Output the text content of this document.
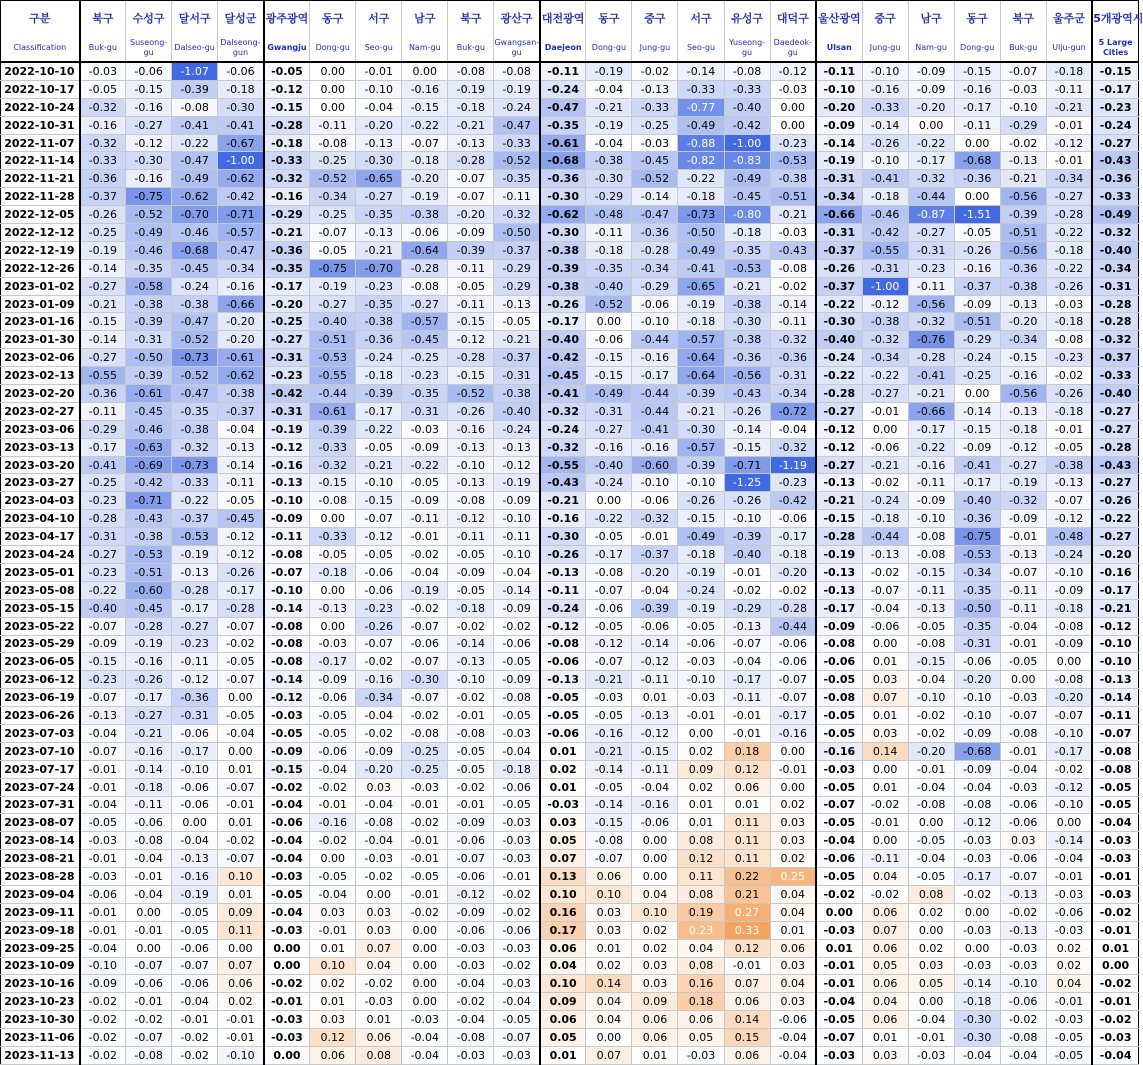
구분	북구	수성구	달서구	달성군	광주광역	동구	서구	남구	북구	광산구	대전광역	동구	중구	서구	유성구	대덕구	울산광역	중구	남구	동구	북구	울주군	5개광역시
Classification	Buk-gu	Suseong-gu	Dalseo-gu	Dalseong-gun	Gwangju	Dong-gu	Seo-gu	Nam-gu	Buk-gu	Gwangsan-gu	Daejeon	Dong-gu	Jung-gu	Seo-gu	Yuseong-gu	Daedeok-gu	Ulsan	Jung-gu	Nam-gu	Dong-gu	Buk-gu	Ulju-gun	5 Large Cities
2022-10-10	-0.03	-0.06	-1.07	-0.06	-0.05	0.00	-0.01	0.00	-0.08	-0.08	-0.11	-0.19	-0.02	-0.14	-0.08	-0.12	-0.11	-0.10	-0.09	-0.15	-0.07	-0.18	-0.15
2022-10-17	-0.05	-0.15	-0.39	-0.18	-0.12	0.00	-0.10	-0.16	-0.19	-0.19	-0.24	-0.04	-0.13	-0.33	-0.33	-0.03	-0.10	-0.16	-0.09	-0.16	-0.03	-0.11	-0.17
2022-10-24	-0.32	-0.16	-0.08	-0.30	-0.15	0.00	-0.04	-0.15	-0.18	-0.24	-0.47	-0.21	-0.33	-0.77	-0.40	0.00	-0.20	-0.33	-0.20	-0.17	-0.10	-0.21	-0.23
2022-10-31	-0.16	-0.27	-0.41	-0.41	-0.28	-0.11	-0.20	-0.22	-0.21	-0.47	-0.35	-0.19	-0.25	-0.49	-0.42	0.00	-0.09	-0.14	0.00	-0.11	-0.29	-0.01	-0.24
2022-11-07	-0.32	-0.12	-0.22	-0.67	-0.18	-0.08	-0.13	-0.07	-0.13	-0.33	-0.61	-0.04	-0.03	-0.88	-1.00	-0.23	-0.14	-0.26	-0.22	0.00	-0.02	-0.12	-0.27
2022-11-14	-0.33	-0.30	-0.47	-1.00	-0.33	-0.25	-0.30	-0.18	-0.28	-0.52	-0.68	-0.38	-0.45	-0.82	-0.83	-0.53	-0.19	-0.10	-0.17	-0.68	-0.13	-0.01	-0.43
2022-11-21	-0.36	-0.16	-0.49	-0.62	-0.32	-0.52	-0.65	-0.20	-0.07	-0.35	-0.36	-0.30	-0.52	-0.22	-0.49	-0.38	-0.31	-0.41	-0.32	-0.36	-0.21	-0.34	-0.36
2022-11-28	-0.37	-0.75	-0.62	-0.42	-0.16	-0.34	-0.27	-0.19	-0.07	-0.11	-0.30	-0.29	-0.14	-0.18	-0.45	-0.51	-0.34	-0.18	-0.44	0.00	-0.56	-0.27	-0.33
2022-12-05	-0.26	-0.52	-0.70	-0.71	-0.29	-0.25	-0.35	-0.38	-0.20	-0.32	-0.62	-0.48	-0.47	-0.73	-0.80	-0.21	-0.66	-0.46	-0.87	-1.51	-0.39	-0.28	-0.49
2022-12-12	-0.25	-0.49	-0.46	-0.57	-0.21	-0.07	-0.13	-0.06	-0.09	-0.50	-0.30	-0.11	-0.36	-0.50	-0.18	-0.03	-0.31	-0.42	-0.27	-0.05	-0.51	-0.22	-0.32
2022-12-19	-0.19	-0.46	-0.68	-0.47	-0.36	-0.05	-0.21	-0.64	-0.39	-0.37	-0.38	-0.18	-0.28	-0.49	-0.35	-0.43	-0.37	-0.55	-0.31	-0.26	-0.56	-0.18	-0.40
2022-12-26	-0.14	-0.35	-0.45	-0.34	-0.35	-0.75	-0.70	-0.28	-0.11	-0.29	-0.39	-0.35	-0.34	-0.41	-0.53	-0.08	-0.26	-0.31	-0.23	-0.16	-0.36	-0.22	-0.34
2023-01-02	-0.27	-0.58	-0.24	-0.16	-0.17	-0.19	-0.23	-0.08	-0.05	-0.29	-0.38	-0.40	-0.29	-0.65	-0.21	-0.02	-0.37	-1.00	-0.11	-0.37	-0.38	-0.26	-0.31
2023-01-09	-0.21	-0.38	-0.38	-0.66	-0.20	-0.27	-0.35	-0.27	-0.11	-0.13	-0.26	-0.52	-0.06	-0.19	-0.38	-0.14	-0.22	-0.12	-0.56	-0.09	-0.13	-0.03	-0.28
2023-01-16	-0.15	-0.39	-0.47	-0.20	-0.25	-0.40	-0.38	-0.57	-0.15	-0.05	-0.17	0.00	-0.10	-0.18	-0.30	-0.11	-0.30	-0.38	-0.32	-0.51	-0.20	-0.18	-0.28
2023-01-30	-0.14	-0.31	-0.52	-0.20	-0.27	-0.51	-0.36	-0.45	-0.12	-0.21	-0.40	-0.06	-0.44	-0.57	-0.38	-0.32	-0.40	-0.32	-0.76	-0.29	-0.34	-0.08	-0.32
2023-02-06	-0.27	-0.50	-0.73	-0.61	-0.31	-0.53	-0.24	-0.25	-0.28	-0.37	-0.42	-0.15	-0.16	-0.64	-0.36	-0.36	-0.24	-0.34	-0.28	-0.24	-0.15	-0.23	-0.37
2023-02-13	-0.55	-0.39	-0.52	-0.62	-0.23	-0.55	-0.18	-0.23	-0.15	-0.31	-0.45	-0.15	-0.17	-0.64	-0.56	-0.31	-0.22	-0.22	-0.41	-0.25	-0.16	-0.02	-0.33
2023-02-20	-0.36	-0.61	-0.47	-0.38	-0.42	-0.44	-0.39	-0.35	-0.52	-0.38	-0.41	-0.49	-0.44	-0.39	-0.43	-0.34	-0.28	-0.27	-0.21	0.00	-0.56	-0.26	-0.40
2023-02-27	-0.11	-0.45	-0.35	-0.37	-0.31	-0.61	-0.17	-0.31	-0.26	-0.40	-0.32	-0.31	-0.44	-0.21	-0.26	-0.72	-0.27	-0.01	-0.66	-0.14	-0.13	-0.18	-0.27
2023-03-06	-0.29	-0.46	-0.38	-0.04	-0.19	-0.39	-0.22	-0.03	-0.16	-0.24	-0.24	-0.27	-0.41	-0.30	-0.14	-0.04	-0.12	0.00	-0.17	-0.15	-0.18	-0.01	-0.27
2023-03-13	-0.17	-0.63	-0.32	-0.13	-0.12	-0.33	-0.05	-0.09	-0.13	-0.13	-0.32	-0.16	-0.16	-0.57	-0.15	-0.32	-0.12	-0.06	-0.22	-0.09	-0.12	-0.05	-0.28
2023-03-20	-0.41	-0.69	-0.73	-0.14	-0.16	-0.32	-0.21	-0.22	-0.10	-0.12	-0.55	-0.40	-0.60	-0.39	-0.71	-1.19	-0.27	-0.21	-0.16	-0.41	-0.27	-0.38	-0.43
2023-03-27	-0.25	-0.42	-0.33	-0.11	-0.13	-0.15	-0.10	-0.05	-0.13	-0.19	-0.43	-0.24	-0.10	-0.10	-1.25	-0.23	-0.13	-0.02	-0.11	-0.17	-0.19	-0.13	-0.27
2023-04-03	-0.23	-0.71	-0.22	-0.05	-0.10	-0.08	-0.15	-0.09	-0.08	-0.09	-0.21	0.00	-0.06	-0.26	-0.26	-0.42	-0.21	-0.24	-0.09	-0.40	-0.32	-0.07	-0.26
2023-04-10	-0.28	-0.43	-0.37	-0.45	-0.09	0.00	-0.07	-0.11	-0.12	-0.10	-0.16	-0.22	-0.32	-0.15	-0.10	-0.06	-0.15	-0.18	-0.10	-0.36	-0.09	-0.12	-0.22
2023-04-17	-0.31	-0.38	-0.53	-0.12	-0.11	-0.33	-0.12	-0.01	-0.11	-0.11	-0.30	-0.05	-0.01	-0.49	-0.39	-0.17	-0.28	-0.44	-0.08	-0.75	-0.01	-0.48	-0.27
2023-04-24	-0.27	-0.53	-0.19	-0.12	-0.08	-0.05	-0.05	-0.02	-0.05	-0.10	-0.26	-0.17	-0.37	-0.18	-0.40	-0.18	-0.19	-0.13	-0.08	-0.53	-0.13	-0.24	-0.20
2023-05-01	-0.23	-0.51	-0.13	-0.26	-0.07	-0.18	-0.06	-0.04	-0.09	-0.04	-0.13	-0.08	-0.20	-0.19	-0.01	-0.20	-0.13	-0.02	-0.15	-0.34	-0.07	-0.10	-0.16
2023-05-08	-0.22	-0.60	-0.28	-0.17	-0.10	0.00	-0.06	-0.19	-0.05	-0.14	-0.11	-0.07	-0.04	-0.24	-0.02	-0.02	-0.13	-0.07	-0.11	-0.35	-0.11	-0.09	-0.17
2023-05-15	-0.40	-0.45	-0.17	-0.28	-0.14	-0.13	-0.23	-0.02	-0.18	-0.09	-0.24	-0.06	-0.39	-0.19	-0.29	-0.28	-0.17	-0.04	-0.13	-0.50	-0.11	-0.18	-0.21
2023-05-22	-0.07	-0.28	-0.27	-0.07	-0.08	0.00	-0.26	-0.07	-0.02	-0.02	-0.12	-0.05	-0.06	-0.05	-0.13	-0.44	-0.09	-0.06	-0.05	-0.35	-0.04	-0.08	-0.12
2023-05-29	-0.09	-0.19	-0.23	-0.02	-0.08	-0.03	-0.07	-0.06	-0.14	-0.06	-0.08	-0.12	-0.14	-0.06	-0.07	-0.06	-0.08	0.00	-0.08	-0.31	-0.01	-0.09	-0.10
2023-06-05	-0.15	-0.16	-0.11	-0.05	-0.08	-0.17	-0.02	-0.07	-0.13	-0.05	-0.06	-0.07	-0.12	-0.03	-0.04	-0.06	-0.06	0.01	-0.15	-0.06	-0.05	0.00	-0.10
2023-06-12	-0.23	-0.26	-0.12	-0.07	-0.14	-0.09	-0.16	-0.30	-0.10	-0.09	-0.13	-0.21	-0.11	-0.10	-0.17	-0.07	-0.05	0.03	-0.04	-0.20	0.00	-0.08	-0.13
2023-06-19	-0.07	-0.17	-0.36	0.00	-0.12	-0.06	-0.34	-0.07	-0.02	-0.08	-0.05	-0.03	0.01	-0.03	-0.11	-0.07	-0.08	0.07	-0.10	-0.10	-0.03	-0.20	-0.14
2023-06-26	-0.13	-0.27	-0.31	-0.05	-0.03	-0.05	-0.04	-0.02	-0.01	-0.05	-0.05	-0.05	-0.13	-0.01	-0.01	-0.17	-0.05	0.01	-0.02	-0.10	-0.07	-0.07	-0.11
2023-07-03	-0.04	-0.21	-0.06	-0.04	-0.05	-0.05	-0.02	-0.08	-0.08	-0.03	-0.06	-0.16	-0.12	0.00	-0.01	-0.16	-0.05	0.03	-0.02	-0.09	-0.08	-0.10	-0.07
2023-07-10	-0.07	-0.16	-0.17	0.00	-0.09	-0.06	-0.09	-0.25	-0.05	-0.04	0.01	-0.21	-0.15	0.02	0.18	0.00	-0.16	0.14	-0.20	-0.68	-0.01	-0.17	-0.08
2023-07-17	-0.01	-0.14	-0.10	0.01	-0.15	-0.04	-0.20	-0.25	-0.05	-0.18	0.02	-0.14	-0.11	0.09	0.12	-0.01	-0.03	0.00	-0.01	-0.09	-0.04	-0.02	-0.08
2023-07-24	-0.01	-0.18	-0.06	-0.07	-0.02	-0.02	0.03	-0.03	-0.02	-0.06	0.01	-0.05	-0.04	0.02	0.06	0.00	-0.05	0.01	-0.04	-0.04	-0.03	-0.12	-0.05
2023-07-31	-0.04	-0.11	-0.06	-0.01	-0.04	-0.01	-0.04	-0.01	-0.01	-0.05	-0.03	-0.14	-0.16	0.01	0.01	0.02	-0.07	-0.02	-0.08	-0.08	-0.06	-0.10	-0.05
2023-08-07	-0.05	-0.06	0.00	0.01	-0.06	-0.16	-0.08	-0.02	-0.09	-0.03	0.03	-0.15	-0.06	0.01	0.11	0.03	-0.05	-0.01	0.00	-0.12	-0.06	0.00	-0.04
2023-08-14	-0.03	-0.08	-0.04	-0.02	-0.04	-0.02	-0.04	-0.01	-0.06	-0.03	0.05	-0.08	0.00	0.08	0.11	0.03	-0.04	0.00	-0.05	-0.03	0.03	-0.14	-0.03
2023-08-21	-0.01	-0.04	-0.13	-0.07	-0.04	0.00	-0.03	-0.01	-0.07	-0.03	0.07	-0.07	0.00	0.12	0.11	0.02	-0.06	-0.11	-0.04	-0.03	-0.06	-0.04	-0.03
2023-08-28	-0.03	-0.01	-0.16	0.10	-0.03	-0.05	-0.02	-0.05	-0.06	-0.01	0.13	0.06	0.00	0.11	0.22	0.25	-0.05	0.04	-0.05	-0.17	-0.07	-0.01	-0.01
2023-09-04	-0.06	-0.04	-0.19	0.01	-0.05	-0.04	0.00	-0.01	-0.12	-0.02	0.10	0.10	0.04	0.08	0.21	0.04	-0.02	-0.02	0.08	-0.02	-0.13	-0.03	-0.03
2023-09-11	-0.01	0.00	-0.05	0.09	-0.04	0.03	0.03	-0.02	-0.09	-0.02	0.16	0.03	0.10	0.19	0.27	0.04	0.00	0.06	0.02	0.00	-0.02	-0.06	-0.02
2023-09-18	-0.01	-0.01	-0.05	0.11	-0.03	-0.01	0.03	0.00	-0.06	-0.06	0.17	0.03	0.02	0.23	0.33	0.01	-0.03	0.07	0.00	-0.03	-0.13	-0.03	-0.01
2023-09-25	-0.04	0.00	-0.06	0.00	0.00	0.01	0.07	0.00	-0.03	-0.03	0.06	0.01	0.02	0.04	0.12	0.06	0.01	0.06	0.02	0.00	-0.03	0.02	0.01
2023-10-09	-0.10	-0.07	-0.07	0.07	0.00	0.10	0.04	0.00	-0.03	-0.02	0.04	0.02	0.03	0.08	-0.01	0.03	-0.01	0.05	0.03	-0.03	-0.03	0.02	0.00
2023-10-16	-0.09	-0.06	-0.06	0.06	-0.02	0.02	-0.02	0.00	-0.04	-0.03	0.10	0.14	0.03	0.16	0.07	0.04	-0.01	0.06	0.05	-0.14	-0.10	0.04	-0.02
2023-10-23	-0.02	-0.01	-0.04	0.02	-0.01	0.01	-0.03	0.00	-0.02	-0.04	0.09	0.04	0.09	0.18	0.06	0.03	-0.04	0.04	0.00	-0.18	-0.06	-0.01	-0.01
2023-10-30	-0.02	-0.02	-0.01	-0.01	-0.03	0.03	0.01	-0.03	-0.04	-0.05	0.06	0.04	0.06	0.06	0.14	-0.06	-0.05	0.06	-0.04	-0.30	-0.02	-0.03	-0.02
2023-11-06	-0.02	-0.07	-0.02	-0.01	-0.03	0.12	0.06	-0.04	-0.08	-0.07	0.05	0.00	0.06	0.05	0.15	-0.04	-0.07	0.01	-0.01	-0.30	-0.08	-0.05	-0.03
2023-11-13	-0.02	-0.08	-0.02	-0.10	0.00	0.06	0.08	-0.04	-0.03	-0.03	0.01	0.07	0.01	-0.03	0.06	-0.04	-0.03	0.03	-0.03	-0.04	-0.04	-0.05	-0.04
